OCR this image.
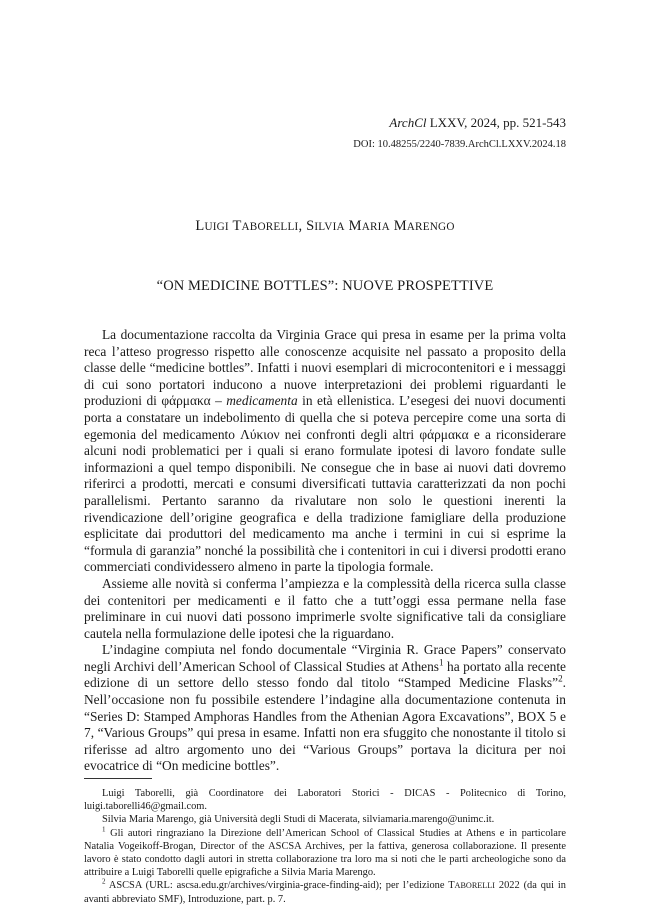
ArchCl LXXV, 2024, pp. 521-543
DOI: 10.48255/2240-7839.ArchCl.LXXV.2024.18
LUIGI TABORELLI, SILVIA MARIA MARENGO
“ON MEDICINE BOTTLES”: NUOVE PROSPETTIVE

La documentazione raccolta da Virginia Grace qui presa in esame per la prima volta reca l’atteso progresso rispetto alle conoscenze acquisite nel passato a proposito della classe delle “medicine bottles”. Infatti i nuovi esemplari di microcontenitori e i messaggi di cui sono portatori inducono a nuove interpretazioni dei problemi riguardanti le produzioni di φάρμακα – medicamenta in età ellenistica. L’esegesi dei nuovi documenti porta a constatare un indebolimento di quella che si poteva percepire come una sorta di egemonia del medicamento Λύκιον nei confronti degli altri φάρμακα e a riconsiderare alcuni nodi problematici per i quali si erano formulate ipotesi di lavoro fondate sulle informazioni a quel tempo disponibili. Ne consegue che in base ai nuovi dati dovremo riferirci a prodotti, mercati e consumi diversificati tuttavia caratterizzati da non pochi parallelismi. Pertanto saranno da rivalutare non solo le questioni inerenti la rivendicazione dell’origine geografica e della tradizione famigliare della produzione esplicitate dai produttori del medicamento ma anche i termini in cui si esprime la “formula di garanzia” nonché la possibilità che i contenitori in cui i diversi prodotti erano commerciati condividessero almeno in parte la tipologia formale.

Assieme alle novità si conferma l’ampiezza e la complessità della ricerca sulla classe dei contenitori per medicamenti e il fatto che a tutt’oggi essa permane nella fase preliminare in cui nuovi dati possono imprimerle svolte significative tali da consigliare cautela nella formulazione delle ipotesi che la riguardano.

L’indagine compiuta nel fondo documentale “Virginia R. Grace Papers” conservato negli Archivi dell’American School of Classical Studies at Athens$^1$ ha portato alla recente edizione di un settore dello stesso fondo dal titolo “Stamped Medicine Flasks”$^2$. Nell’occasione non fu possibile estendere l’indagine alla documentazione contenuta in “Series D: Stamped Amphoras Handles from the Athenian Agora Excavations”, BOX 5 e 7, “Various Groups” qui presa in esame. Infatti non era sfuggito che nonostante il titolo si riferisse ad altro argomento uno dei “Various Groups” portava la dicitura per noi evocatrice di “On medicine bottles”.

Luigi Taborelli, già Coordinatore dei Laboratori Storici - DICAS - Politecnico di Torino, luigi.taborelli46@gmail.com.

Silvia Maria Marengo, già Università degli Studi di Macerata, silviamaria.marengo@unimc.it.

$^1$ Gli autori ringraziano la Direzione dell’American School of Classical Studies at Athens e in particolare Natalia Vogeikoff-Brogan, Director of the ASCSA Archives, per la fattiva, generosa collaborazione. Il presente lavoro è stato condotto dagli autori in stretta collaborazione tra loro ma si noti che le parti archeologiche sono da attribuire a Luigi Taborelli quelle epigrafiche a Silvia Maria Marengo.

$^2$ ASCSA (URL: ascsa.edu.gr/archives/virginia-grace-finding-aid); per l’edizione TABORELLI 2022 (da qui in avanti abbreviato SMF), Introduzione, part. p. 7.
